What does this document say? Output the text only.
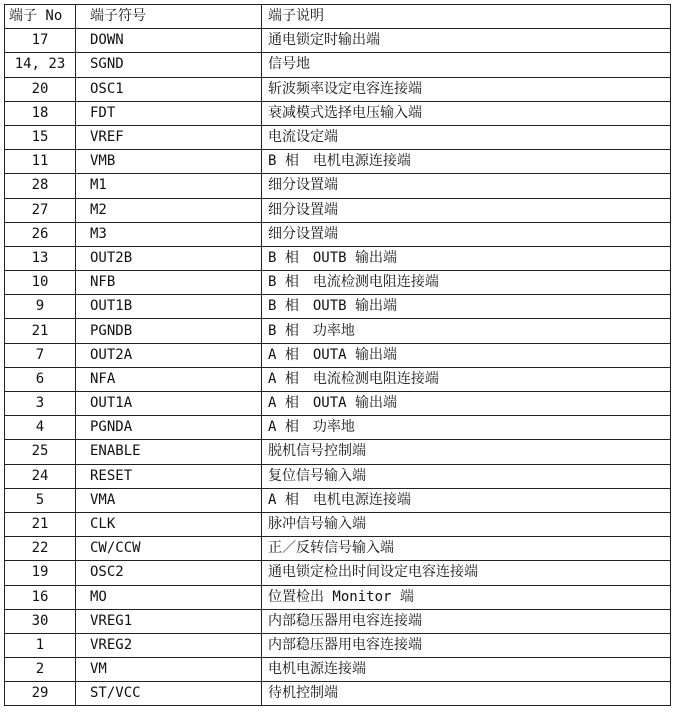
端子 No	端子符号	端子说明
17	DOWN	通电锁定时输出端
14, 23	SGND	信号地
20	OSC1	斩波频率设定电容连接端
18	FDT	衰减模式选择电压输入端
15	VREF	电流设定端
11	VMB	B 相　电机电源连接端
28	M1	细分设置端
27	M2	细分设置端
26	M3	细分设置端
13	OUT2B	B 相　OUTB 输出端
10	NFB	B 相　电流检测电阻连接端
9	OUT1B	B 相　OUTB 输出端
21	PGNDB	B 相　功率地
7	OUT2A	A 相　OUTA 输出端
6	NFA	A 相　电流检测电阻连接端
3	OUT1A	A 相　OUTA 输出端
4	PGNDA	A 相　功率地
25	ENABLE	脱机信号控制端
24	RESET	复位信号输入端
5	VMA	A 相　电机电源连接端
21	CLK	脉冲信号输入端
22	CW/CCW	正／反转信号输入端
19	OSC2	通电锁定检出时间设定电容连接端
16	MO	位置检出 Monitor 端
30	VREG1	内部稳压器用电容连接端
1	VREG2	内部稳压器用电容连接端
2	VM	电机电源连接端
29	ST/VCC	待机控制端
